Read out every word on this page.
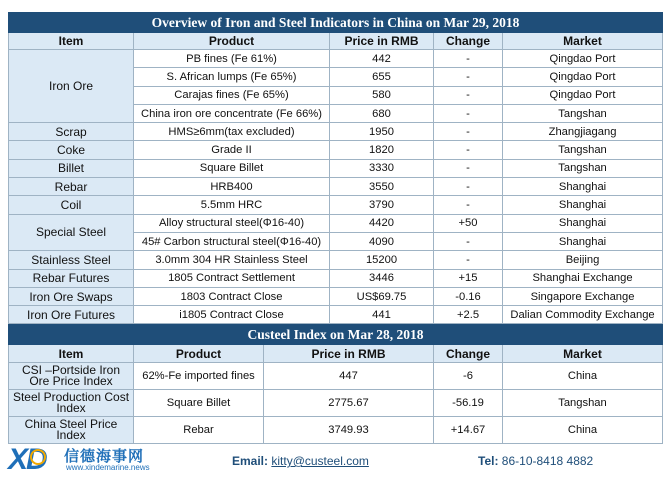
Overview of Iron and Steel Indicators in China on Mar 29, 2018				
Item	Product	Price in RMB	Change	Market
Iron Ore	PB fines (Fe 61%)	442	-	Qingdao Port
	S. African lumps (Fe 65%)	655	-	Qingdao Port
	Carajas fines (Fe 65%)	580	-	Qingdao Port
	China iron ore concentrate (Fe 66%)	680	-	Tangshan
Scrap	HMS≥6mm(tax excluded)	1950	-	Zhangjiagang
Coke	Grade II	1820	-	Tangshan
Billet	Square Billet	3330	-	Tangshan
Rebar	HRB400	3550	-	Shanghai
Coil	5.5mm HRC	3790	-	Shanghai
Special Steel	Alloy structural steel(Φ16-40)	4420	+50	Shanghai
	45# Carbon structural steel(Φ16-40)	4090	-	Shanghai
Stainless Steel	3.0mm 304 HR Stainless Steel	15200	-	Beijing
Rebar Futures	1805 Contract Settlement	3446	+15	Shanghai Exchange
Iron Ore Swaps	1803 Contract Close	US$69.75	-0.16	Singapore Exchange
Iron Ore Futures	i1805 Contract Close	441	+2.5	Dalian Commodity Exchange
Custeel Index on Mar 28, 2018				
Item	Product	Price in RMB	Change	Market
CSI –Portside Iron Ore Price Index	62%-Fe imported fines	447	-6	China
Steel Production Cost Index	Square Billet	2775.67	-56.19	Tangshan
China Steel Price Index	Rebar	3749.93	+14.67	China
XD 信德海事网
www.xindemarine.news	Email: kitty@custeel.com	Tel: 86-10-8418 4882
